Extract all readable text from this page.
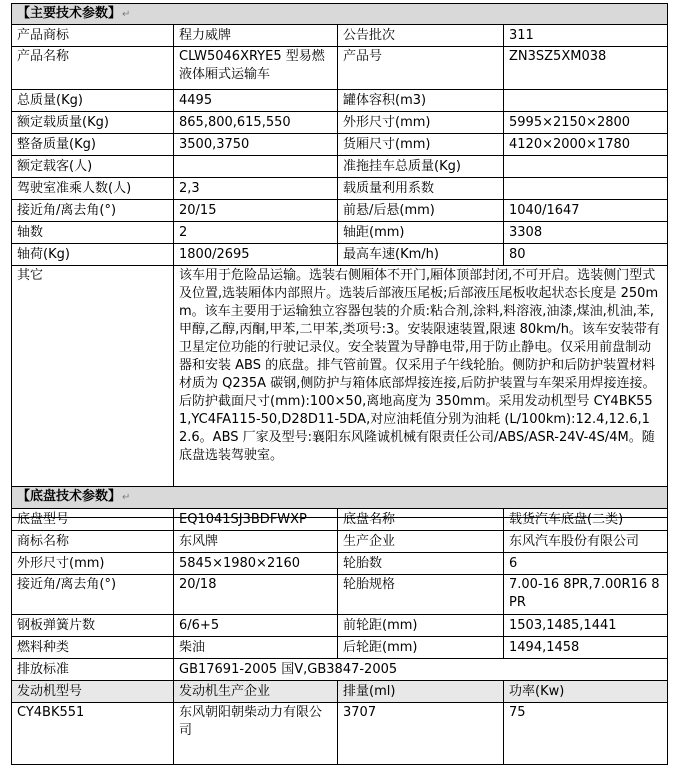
【主要技术参数】↵			
产品商标	程力威牌	公告批次	311
产品名称	CLW5046XRYE5 型易燃液体厢式运输车	产品号	ZN3SZ5XM038
总质量(Kg)	4495	罐体容积(m3)	
额定载质量(Kg)	865,800,615,550	外形尺寸(mm)	5995×2150×2800
整备质量(Kg)	3500,3750	货厢尺寸(mm)	4120×2000×1780
额定载客(人)		准拖挂车总质量(Kg)	
驾驶室准乘人数(人)	2,3	载质量利用系数	
接近角/离去角(°)	20/15	前悬/后悬(mm)	1040/1647
轴数	2	轴距(mm)	3308
轴荷(Kg)	1800/2695	最高车速(Km/h)	80
其它	该车用于危险品运输。选装右侧厢体不开门,厢体顶部封闭,不可开启。选装侧门型式及位置,选装厢体内部照片。选装后部液压尾板;后部液压尾板收起状态长度是 250mm。该车主要用于运输独立容器包装的介质:粘合剂,涂料,料溶液,油漆,煤油,机油,苯,甲醇,乙醇,丙酮,甲苯,二甲苯,类项号:3。安装限速装置,限速 80km/h。该车安装带有卫星定位功能的行驶记录仪。安全装置为导静电带,用于防止静电。仅采用前盘制动器和安装 ABS 的底盘。排气管前置。仅采用子午线轮胎。侧防护和后防护装置材料材质为 Q235A 碳钢,侧防护与箱体底部焊接连接,后防护装置与车架采用焊接连接。后防护截面尺寸(mm):100×50,离地高度为 350mm。采用发动机型号 CY4BK551,YC4FA115-50,D28D11-5DA,对应油耗值分别为油耗 (L/100km):12.4,12.6,12.6。ABS 厂家及型号:襄阳东风隆诚机械有限责任公司/ABS/ASR-24V-4S/4M。随底盘选装驾驶室。		
【底盘技术参数】↵			
底盘型号	EQ1041SJ3BDFWXP	底盘名称	载货汽车底盘(二类)
商标名称	东风牌	生产企业	东风汽车股份有限公司
外形尺寸(mm)	5845×1980×2160	轮胎数	6
接近角/离去角(°)	20/18	轮胎规格	7.00-16 8PR,7.00R16 8PR
钢板弹簧片数	6/6+5	前轮距(mm)	1503,1485,1441
燃料种类	柴油	后轮距(mm)	1494,1458
排放标准	GB17691-2005 国Ⅴ,GB3847-2005		
发动机型号	发动机生产企业	排量(ml)	功率(Kw)
CY4BK551	东风朝阳朝柴动力有限公司	3707	75
